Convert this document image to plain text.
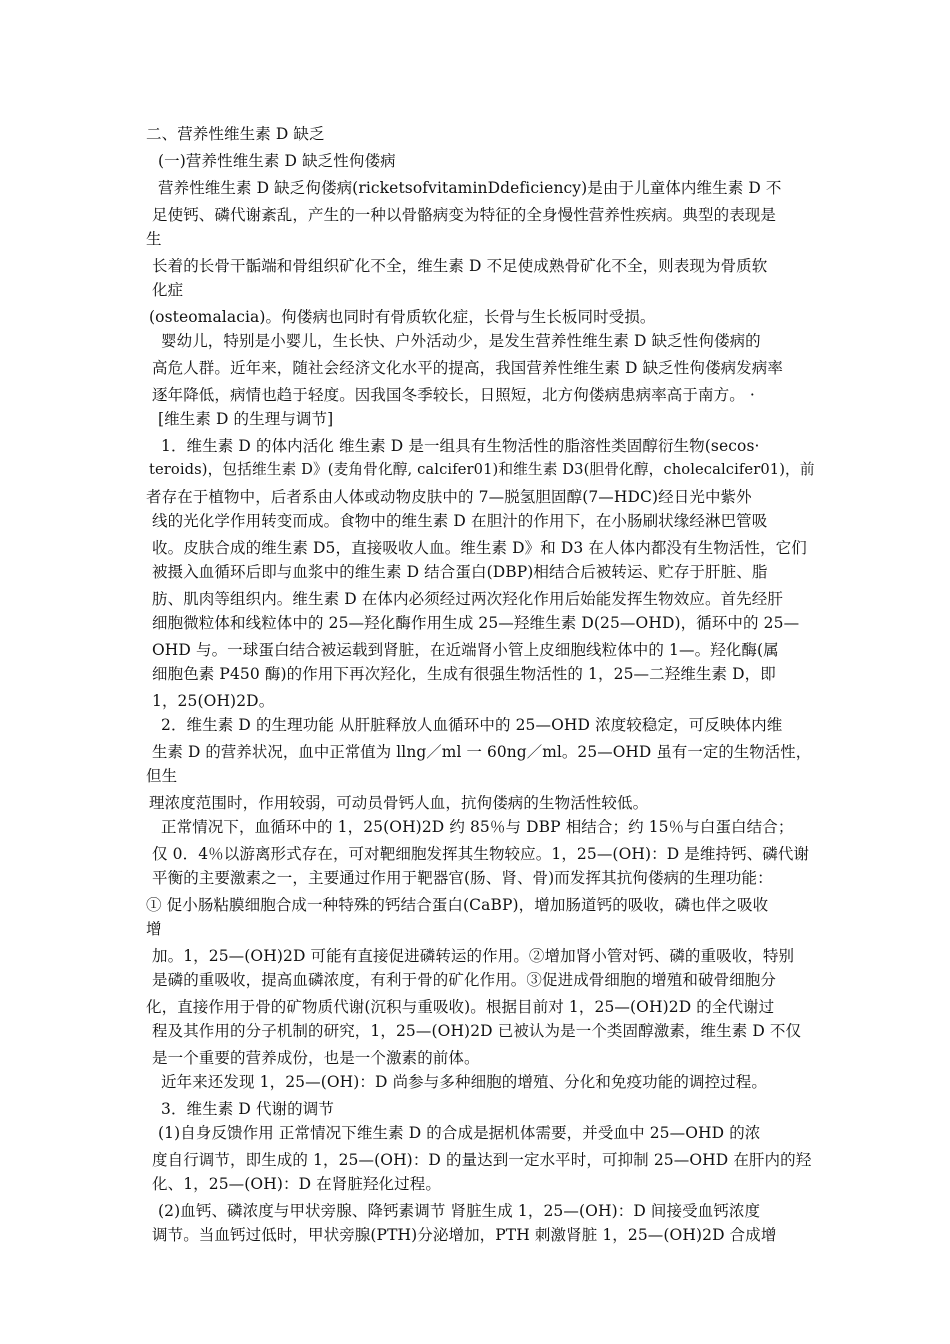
二、营养性维生素 D 缺乏
(一)营养性维生素 D 缺乏性佝偻病
营养性维生素 D 缺乏佝偻病(ricketsofvitaminDdeficiency)是由于儿童体内维生素 D 不
足使钙、磷代谢紊乱，产生的一种以骨骼病变为特征的全身慢性营养性疾病。典型的表现是
生
长着的长骨干骺端和骨组织矿化不全，维生素 D 不足使成熟骨矿化不全，则表现为骨质软
化症
(osteomalacia)。佝偻病也同时有骨质软化症，长骨与生长板同时受损。
婴幼儿，特别是小婴儿，生长快、户外活动少，是发生营养性维生素 D 缺乏性佝偻病的
高危人群。近年来，随社会经济文化水平的提高，我国营养性维生素 D 缺乏性佝偻病发病率
逐年降低，病情也趋于轻度。因我国冬季较长，日照短，北方佝偻病患病率高于南方。 ·
[维生素 D 的生理与调节]
1．维生素 D 的体内活化 维生素 D 是一组具有生物活性的脂溶性类固醇衍生物(secos·
teroids)，包括维生素 D》(麦角骨化醇, calcifer01)和维生素 D3(胆骨化醇，cholecalcifer01)，前
者存在于植物中，后者系由人体或动物皮肤中的 7—脱氢胆固醇(7—HDC)经日光中紫外
线的光化学作用转变而成。食物中的维生素 D 在胆汁的作用下，在小肠刷状缘经淋巴管吸
收。皮肤合成的维生素 D5，直接吸收人血。维生素 D》和 D3 在人体内都没有生物活性，它们
被摄入血循环后即与血浆中的维生素 D 结合蛋白(DBP)相结合后被转运、贮存于肝脏、脂
肪、肌肉等组织内。维生素 D 在体内必须经过两次羟化作用后始能发挥生物效应。首先经肝
细胞微粒体和线粒体中的 25—羟化酶作用生成 25—羟维生素 D(25—OHD)，循环中的 25—
OHD 与。一球蛋白结合被运载到肾脏，在近端肾小管上皮细胞线粒体中的 1—。羟化酶(属
细胞色素 P450 酶)的作用下再次羟化，生成有很强生物活性的 1，25—二羟维生素 D，即
1，25(OH)2D。
2．维生素 D 的生理功能 从肝脏释放人血循环中的 25—OHD 浓度较稳定，可反映体内维
生素 D 的营养状况，血中正常值为 llng／ml 一 60ng／ml。25—OHD 虽有一定的生物活性，
但生
理浓度范围时，作用较弱，可动员骨钙人血，抗佝偻病的生物活性较低。
正常情况下，血循环中的 1，25(OH)2D 约 85％与 DBP 相结合；约 15％与白蛋白结合；
仅 0．4％以游离形式存在，可对靶细胞发挥其生物较应。1，25—(OH)：D 是维持钙、磷代谢
平衡的主要激素之一，主要通过作用于靶器官(肠、肾、骨)而发挥其抗佝偻病的生理功能：
① 促小肠粘膜细胞合成一种特殊的钙结合蛋白(CaBP)，增加肠道钙的吸收，磷也伴之吸收
增
加。1，25—(OH)2D 可能有直接促进磷转运的作用。②增加肾小管对钙、磷的重吸收，特别
是磷的重吸收，提高血磷浓度，有利于骨的矿化作用。③促进成骨细胞的增殖和破骨细胞分
化，直接作用于骨的矿物质代谢(沉积与重吸收)。根据目前对 1，25—(OH)2D 的全代谢过
程及其作用的分子机制的研究，1，25—(OH)2D 已被认为是一个类固醇激素，维生素 D 不仅
是一个重要的营养成份，也是一个激素的前体。
近年来还发现 1，25—(OH)：D 尚参与多种细胞的增殖、分化和免疫功能的调控过程。
3．维生素 D 代谢的调节
(1)自身反馈作用 正常情况下维生素 D 的合成是据机体需要，并受血中 25—OHD 的浓
度自行调节，即生成的 1，25—(OH)：D 的量达到一定水平时，可抑制 25—OHD 在肝内的羟
化、1，25—(OH)：D 在肾脏羟化过程。
(2)血钙、磷浓度与甲状旁腺、降钙素调节 肾脏生成 1，25—(OH)：D 间接受血钙浓度
调节。当血钙过低时，甲状旁腺(PTH)分泌增加，PTH 刺激肾脏 1，25—(OH)2D 合成增
